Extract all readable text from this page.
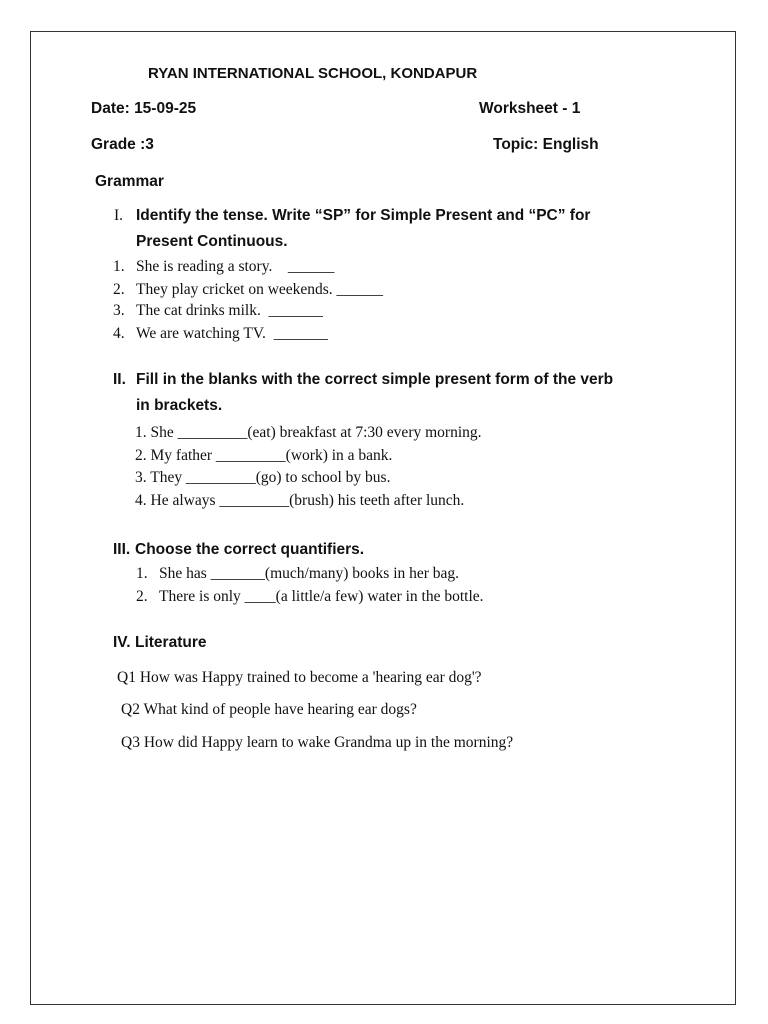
RYAN INTERNATIONAL SCHOOL, KONDAPUR
Date: 15-09-25	Worksheet - 1
Grade :3	Topic: English
Grammar
I. Identify the tense. Write “SP” for Simple Present and “PC” for
Present Continuous.
1. She is reading a story.    ______
2. They play cricket on weekends. ______
3. The cat drinks milk.  _______
4. We are watching TV.  _______
II. Fill in the blanks with the correct simple present form of the verb
in brackets.
1. She _________(eat) breakfast at 7:30 every morning.
2. My father _________(work) in a bank.
3. They _________(go) to school by bus.
4. He always _________(brush) his teeth after lunch.
III. Choose the correct quantifiers.
1. She has _______(much/many) books in her bag.
2. There is only ____(a little/a few) water in the bottle.
IV. Literature
Q1 How was Happy trained to become a 'hearing ear dog'?
Q2 What kind of people have hearing ear dogs?
Q3 How did Happy learn to wake Grandma up in the morning?
